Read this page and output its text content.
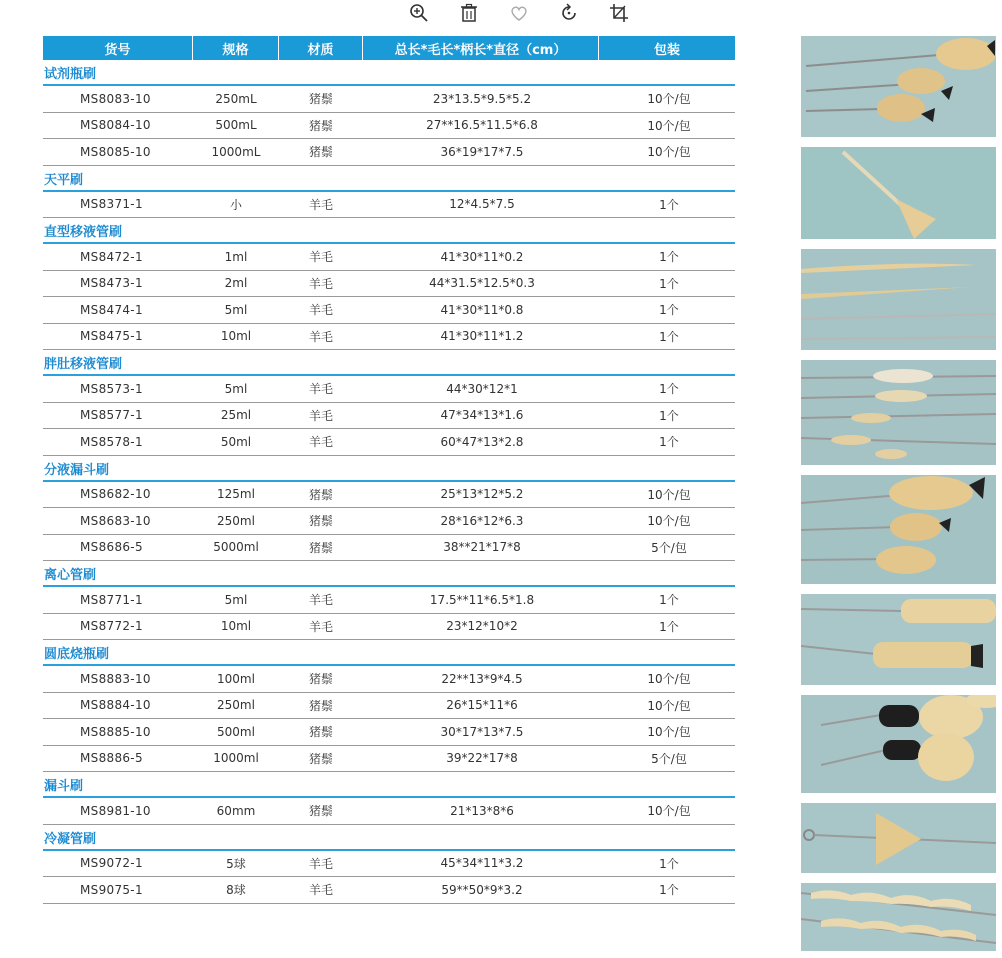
货号	规格	材质	总长*毛长*柄长*直径（cm）	包装
试剂瓶刷
MS8083-10	250mL	猪鬃	23*13.5*9.5*5.2	10个/包
MS8084-10	500mL	猪鬃	27**16.5*11.5*6.8	10个/包
MS8085-10	1000mL	猪鬃	36*19*17*7.5	10个/包
天平刷
MS8371-1	小	羊毛	12*4.5*7.5	1个
直型移液管刷
MS8472-1	1ml	羊毛	41*30*11*0.2	1个
MS8473-1	2ml	羊毛	44*31.5*12.5*0.3	1个
MS8474-1	5ml	羊毛	41*30*11*0.8	1个
MS8475-1	10ml	羊毛	41*30*11*1.2	1个
胖肚移液管刷
MS8573-1	5ml	羊毛	44*30*12*1	1个
MS8577-1	25ml	羊毛	47*34*13*1.6	1个
MS8578-1	50ml	羊毛	60*47*13*2.8	1个
分液漏斗刷
MS8682-10	125ml	猪鬃	25*13*12*5.2	10个/包
MS8683-10	250ml	猪鬃	28*16*12*6.3	10个/包
MS8686-5	5000ml	猪鬃	38**21*17*8	5个/包
离心管刷
MS8771-1	5ml	羊毛	17.5**11*6.5*1.8	1个
MS8772-1	10ml	羊毛	23*12*10*2	1个
圆底烧瓶刷
MS8883-10	100ml	猪鬃	22**13*9*4.5	10个/包
MS8884-10	250ml	猪鬃	26*15*11*6	10个/包
MS8885-10	500ml	猪鬃	30*17*13*7.5	10个/包
MS8886-5	1000ml	猪鬃	39*22*17*8	5个/包
漏斗刷
MS8981-10	60mm	猪鬃	21*13*8*6	10个/包
冷凝管刷
MS9072-1	5球	羊毛	45*34*11*3.2	1个
MS9075-1	8球	羊毛	59**50*9*3.2	1个
